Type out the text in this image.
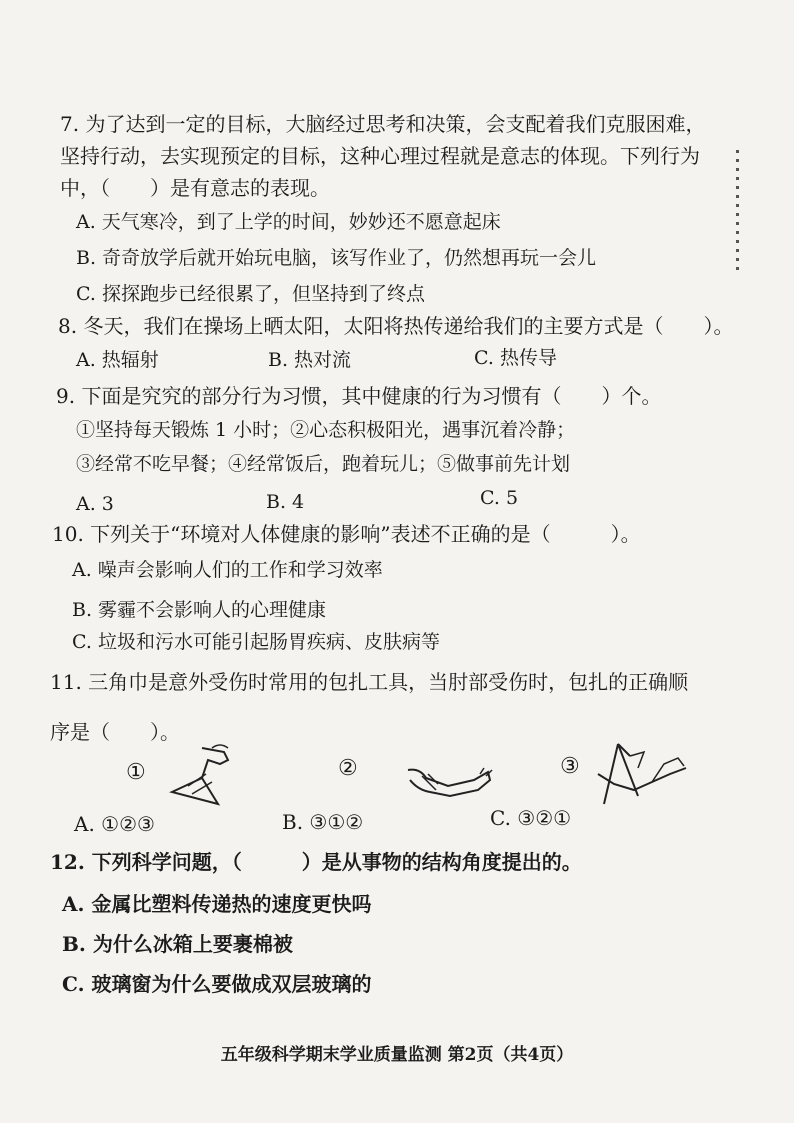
7. 为了达到一定的目标，大脑经过思考和决策，会支配着我们克服困难，
坚持行动，去实现预定的目标，这种心理过程就是意志的体现。下列行为
中，（　　）是有意志的表现。
A. 天气寒冷，到了上学的时间，妙妙还不愿意起床
B. 奇奇放学后就开始玩电脑，该写作业了，仍然想再玩一会儿
C. 探探跑步已经很累了，但坚持到了终点
8. 冬天，我们在操场上晒太阳，太阳将热传递给我们的主要方式是（　　）。
A. 热辐射	B. 热对流	C. 热传导
9. 下面是究究的部分行为习惯，其中健康的行为习惯有（　　）个。
①坚持每天锻炼 1 小时；②心态积极阳光，遇事沉着冷静；
③经常不吃早餐；④经常饭后，跑着玩儿；⑤做事前先计划
A. 3	B. 4	C. 5
10. 下列关于“环境对人体健康的影响”表述不正确的是（　　　）。
A. 噪声会影响人们的工作和学习效率
B. 雾霾不会影响人的心理健康
C. 垃圾和污水可能引起肠胃疾病、皮肤病等
11. 三角巾是意外受伤时常用的包扎工具，当肘部受伤时，包扎的正确顺
序是（　　）。
①	②	③
A. ①②③	B. ③①②	C. ③②①
12. 下列科学问题，（　　　）是从事物的结构角度提出的。
A. 金属比塑料传递热的速度更快吗
B. 为什么冰箱上要裹棉被
C. 玻璃窗为什么要做成双层玻璃的
五年级科学期末学业质量监测 第2页（共4页）
